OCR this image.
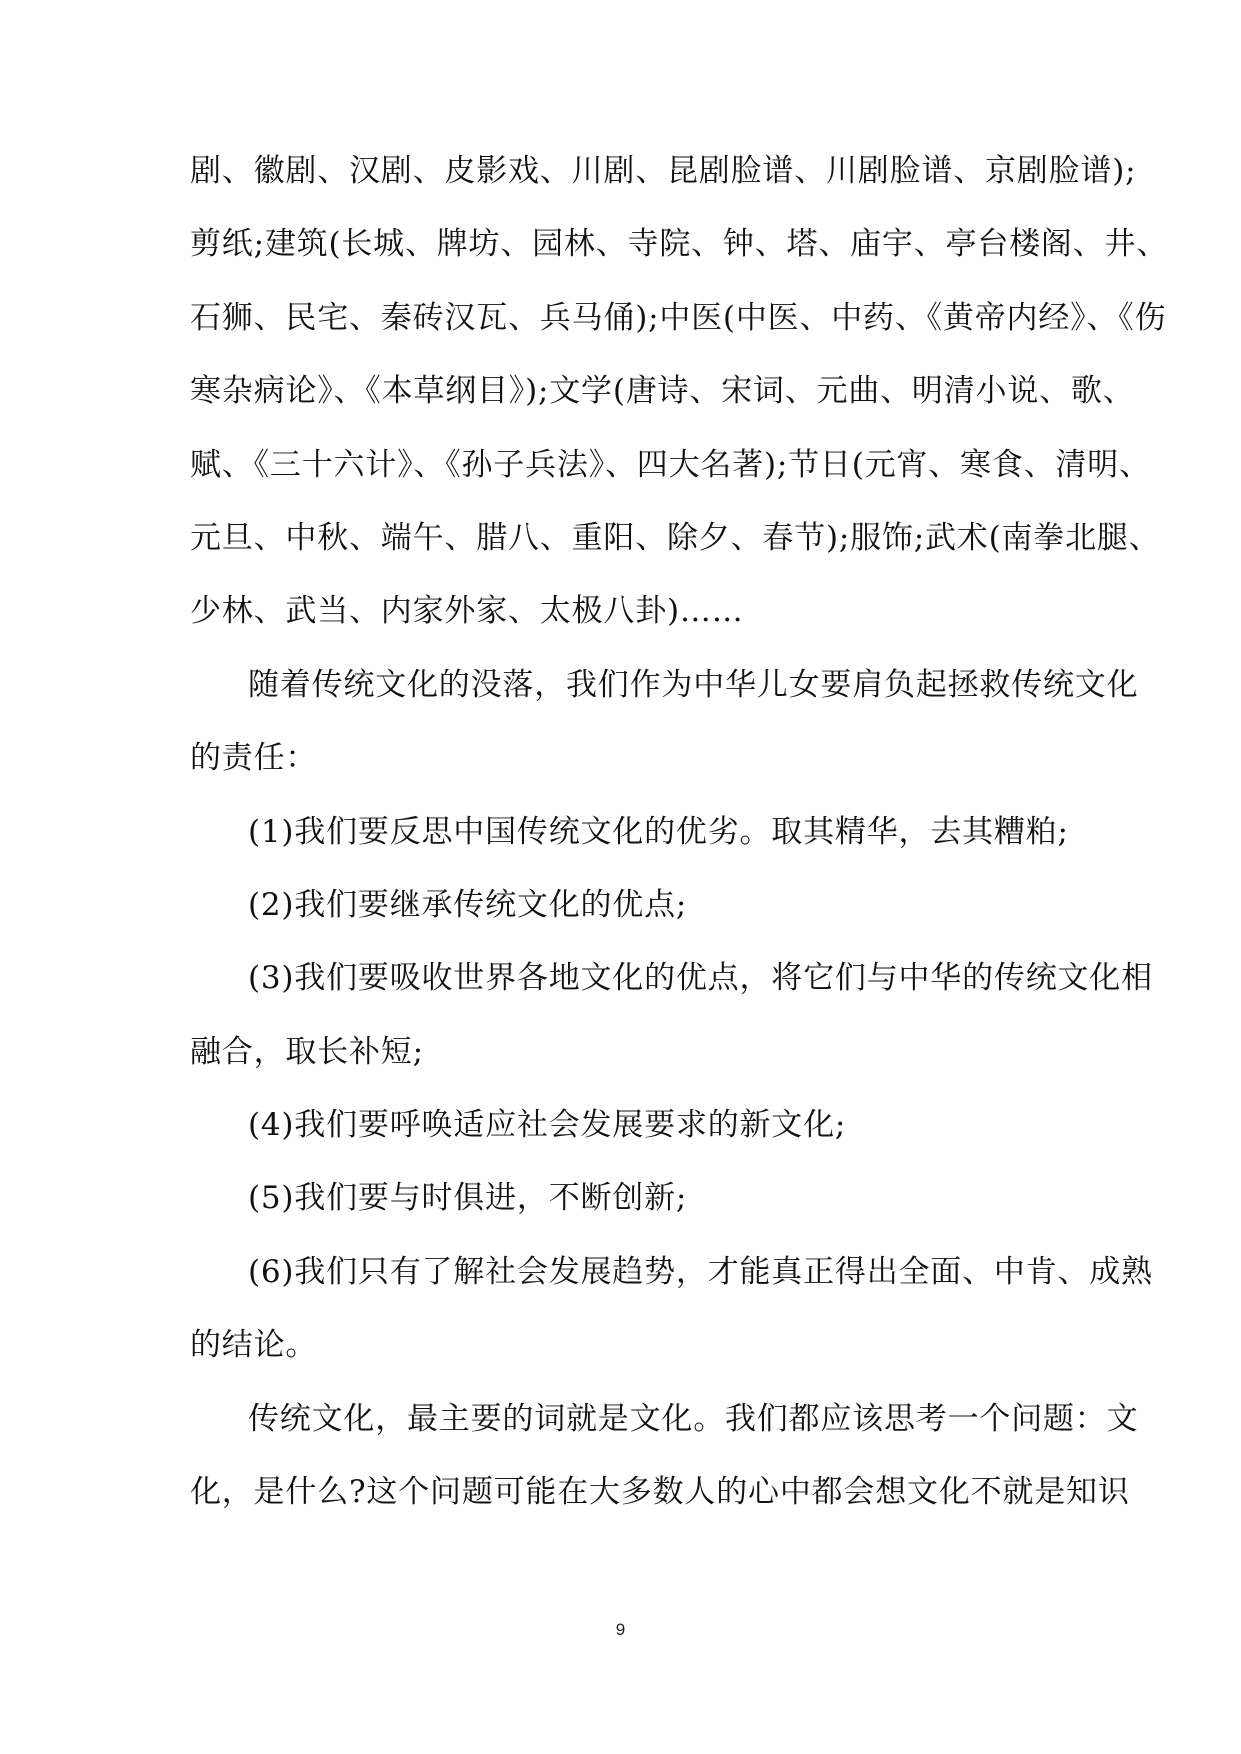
剧、徽剧、汉剧、皮影戏、川剧、昆剧脸谱、川剧脸谱、京剧脸谱);
剪纸;建筑(长城、牌坊、园林、寺院、钟、塔、庙宇、亭台楼阁、井、
石狮、民宅、秦砖汉瓦、兵马俑);中医(中医、中药、《黄帝内经》、《伤
寒杂病论》、《本草纲目》);文学(唐诗、宋词、元曲、明清小说、歌、
赋、《三十六计》、《孙子兵法》、四大名著);节日(元宵、寒食、清明、
元旦、中秋、端午、腊八、重阳、除夕、春节);服饰;武术(南拳北腿、
少林、武当、内家外家、太极八卦)……
随着传统文化的没落，我们作为中华儿女要肩负起拯救传统文化
的责任：
(1)我们要反思中国传统文化的优劣。取其精华，去其糟粕;
(2)我们要继承传统文化的优点;
(3)我们要吸收世界各地文化的优点，将它们与中华的传统文化相
融合，取长补短;
(4)我们要呼唤适应社会发展要求的新文化;
(5)我们要与时俱进，不断创新;
(6)我们只有了解社会发展趋势，才能真正得出全面、中肯、成熟
的结论。
传统文化，最主要的词就是文化。我们都应该思考一个问题：文
化，是什么?这个问题可能在大多数人的心中都会想文化不就是知识
9
